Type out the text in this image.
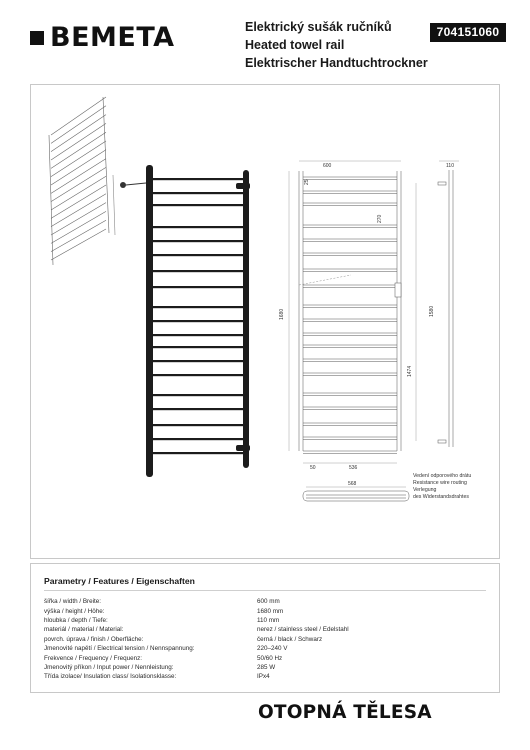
BEMETA	Elektrický sušák ručníků
Heated towel rail
Elektrischer Handtuchtrockner
704151060
600	110
1680
270
25
1580
1474
536
50
568
Vedení odporového drátu
Resistance wire routing
Verlegung
des Widerstandsdrahtes
Parametry / Features / Eigenschaften
šířka / width / Breite:	600 mm
výška / height / Höhe:	1680 mm
hloubka / depth / Tiefe:	110 mm
materiál / material / Material:	nerez / stainless steel / Edelstahl
povrch. úprava / finish / Oberfläche:	černá / black / Schwarz
Jmenovité napětí / Electrical tension / Nennspannung:	220–240 V
Frekvence / Frequency / Frequenz:	50/60 Hz
Jmenovitý příkon / Input power / Nennleistung:	285 W
Třída izolace/ Insulation class/ Isolationsklasse:	IPx4
OTOPNÁ TĚLESA
